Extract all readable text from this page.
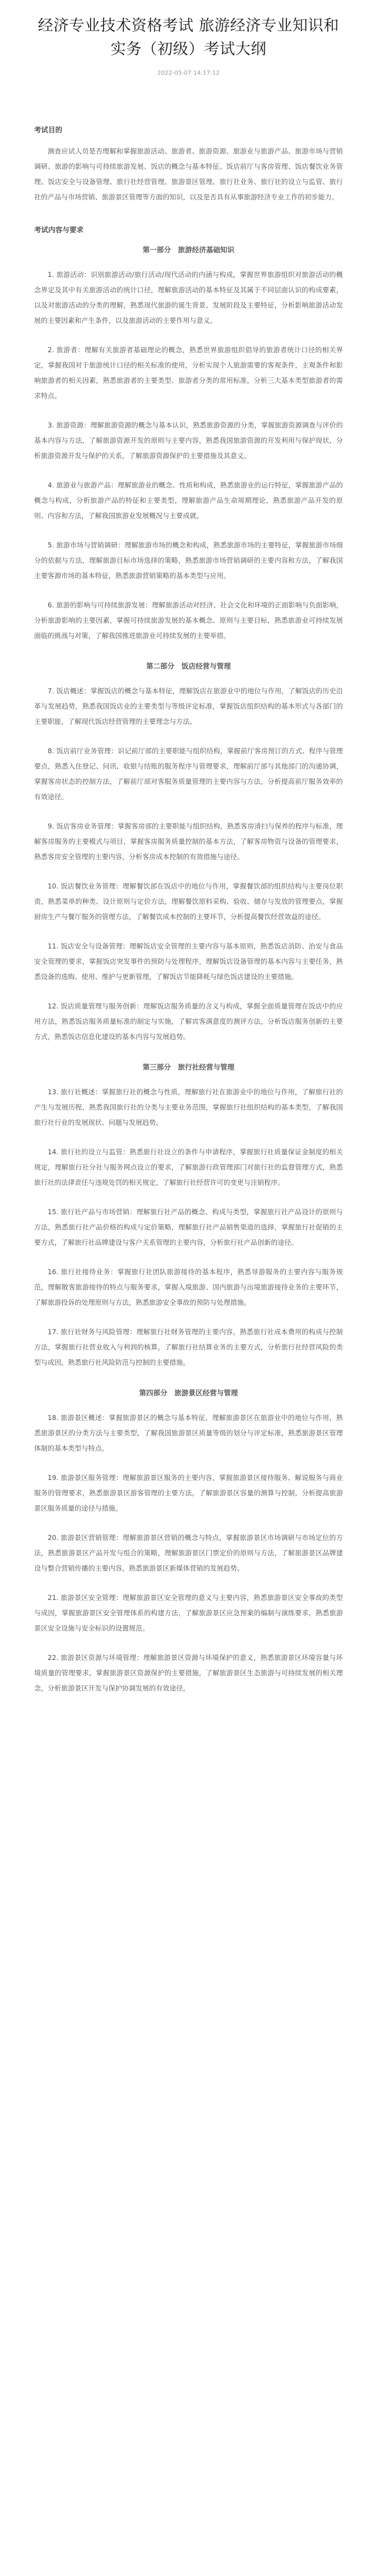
经济专业技术资格考试 旅游经济专业知识和实务（初级）考试大纲
2022-05-07 14:17:12
考试目的

测查应试人员是否理解和掌握旅游活动、旅游者、旅游资源、旅游业与旅游产品、旅游市场与营销调研、旅游的影响与可持续旅游发展、饭店的概念与基本特征、饭店前厅与客房管理、饭店餐饮业务管理、饭店安全与设备管理、旅行社经营管理、旅游景区管理、旅行社业务、旅行社的设立与监管、旅行社的产品与市场营销、旅游景区管理等方面的知识，以及是否具有从事旅游经济专业工作的初步能力。

考试内容与要求
第一部分　旅游经济基础知识

1. 旅游活动：识别旅游活动/旅行活动/现代活动的内涵与构成，掌握世界旅游组织对旅游活动的概念界定及其中有关旅游活动的统计口径，理解旅游活动的基本特征及其属于不同层面认识的构成要素，以及对旅游活动的分类的理解，熟悉现代旅游的诞生背景、发展阶段及主要特征，分析影响旅游活动发展的主要因素和产生条件，以及旅游活动的主要作用与意义。

2. 旅游者：理解有关旅游者基础理论的概念，熟悉世界旅游组织倡导的旅游者统计口径的相关界定，掌握我国对于旅游统计口径的相关标准的使用，分析实现个人旅游需要的客观条件，主观条件和影响旅游者的相关因素，熟悉旅游者的主要类型、旅游者分类的常用标准，分析三大基本类型旅游者的需求特点。

3. 旅游资源：理解旅游资源的概念与基本认识，熟悉旅游资源的分类，掌握旅游资源调查与评价的基本内容与方法，了解旅游资源开发的原则与主要内容，熟悉我国旅游资源的开发利用与保护现状，分析旅游资源开发与保护的关系，了解旅游资源保护的主要措施及其意义。

4. 旅游业与旅游产品：理解旅游业的概念、性质和构成，熟悉旅游业的运行特征，掌握旅游产品的概念与构成，分析旅游产品的特征和主要类型，理解旅游产品生命周期理论，熟悉旅游产品开发的原则、内容和方法，了解我国旅游业发展概况与主要成就。

5. 旅游市场与营销调研：理解旅游市场的概念和构成，熟悉旅游市场的主要特征，掌握旅游市场细分的依据与方法，理解旅游目标市场选择的策略，熟悉旅游市场营销调研的主要内容和方法，了解我国主要客源市场的基本特征，熟悉旅游营销策略的基本类型与应用。

6. 旅游的影响与可持续旅游发展：理解旅游活动对经济、社会文化和环境的正面影响与负面影响，分析旅游影响的主要因素，掌握可持续旅游发展的基本概念、原则与主要目标，熟悉旅游业可持续发展面临的挑战与对策，了解我国推进旅游业可持续发展的主要举措。

第二部分　饭店经营与管理

7. 饭店概述：掌握饭店的概念与基本特征，理解饭店在旅游业中的地位与作用，了解饭店的历史沿革与发展趋势，熟悉我国饭店业的主要类型与等级评定标准，掌握饭店组织结构的基本形式与各部门的主要职能，了解现代饭店经营管理的主要理念与方法。

8. 饭店前厅业务管理：识记前厅部的主要职能与组织结构，掌握前厅客房预订的方式、程序与管理要点，熟悉入住登记、问讯、收银与结账的服务程序与管理要求，理解前厅部与其他部门的沟通协调，掌握客房状态的控制方法，了解前厅部对客服务质量管理的主要内容与方法，分析提高前厅服务效率的有效途径。

9. 饭店客房业务管理：掌握客房部的主要职能与组织结构，熟悉客房清扫与保养的程序与标准，理解客房服务的主要模式与项目，掌握客房服务质量控制的基本方法，了解客房物资与设备的管理要求，熟悉客房安全管理的主要内容，分析客房成本控制的有效措施与途径。

10. 饭店餐饮业务管理：理解餐饮部在饭店中的地位与作用，掌握餐饮部的组织结构与主要岗位职责，熟悉菜单的种类、设计原则与定价方法，理解餐饮原料采购、验收、储存与发放的管理要点，掌握厨房生产与餐厅服务的管理方法，了解餐饮成本控制的主要环节，分析提高餐饮经营效益的途径。

11. 饭店安全与设备管理：理解饭店安全管理的主要内容与基本原则，熟悉饭店消防、治安与食品安全管理的要求，掌握饭店突发事件的预防与处理程序，理解饭店设备管理的基本内容与主要任务，熟悉设备的选购、使用、维护与更新管理，了解饭店节能降耗与绿色饭店建设的主要措施。

12. 饭店质量管理与服务创新：理解饭店服务质量的含义与构成，掌握全面质量管理在饭店中的应用方法，熟悉饭店服务质量标准的制定与实施，了解宾客满意度的测评方法，分析饭店服务创新的主要方式，熟悉饭店信息化建设的基本内容与发展趋势。

第三部分　旅行社经营与管理

13. 旅行社概述：掌握旅行社的概念与性质，理解旅行社在旅游业中的地位与作用，了解旅行社的产生与发展历程，熟悉我国旅行社的分类与主要业务范围，掌握旅行社组织结构的基本类型，了解我国旅行社行业的发展现状、问题与发展趋势。

14. 旅行社的设立与监管：熟悉旅行社设立的条件与申请程序，掌握旅行社质量保证金制度的相关规定，理解旅行社分社与服务网点设立的要求，了解旅游行政管理部门对旅行社的监督管理方式，熟悉旅行社的法律责任与违规处罚的相关规定，了解旅行社经营许可的变更与注销程序。

15. 旅行社产品与市场营销：理解旅行社产品的概念、构成与类型，掌握旅行社产品设计的原则与方法，熟悉旅行社产品价格的构成与定价策略，理解旅行社产品销售渠道的选择，掌握旅行社促销的主要方式，了解旅行社品牌建设与客户关系管理的主要内容，分析旅行社产品创新的途径。

16. 旅行社接待业务：掌握旅行社团队旅游接待的基本程序，熟悉导游服务的主要内容与服务规范，理解散客旅游接待的特点与服务要求，掌握入境旅游、国内旅游与出境旅游接待业务的主要环节，了解旅游投诉的处理原则与方法，熟悉旅游安全事故的预防与处理措施。

17. 旅行社财务与风险管理：理解旅行社财务管理的主要内容，熟悉旅行社成本费用的构成与控制方法，掌握旅行社营业收入与利润的核算，了解旅行社结算业务的主要方式，分析旅行社经营风险的类型与成因，熟悉旅行社风险防范与控制的主要措施。

第四部分　旅游景区经营与管理

18. 旅游景区概述：掌握旅游景区的概念与基本特征，理解旅游景区在旅游业中的地位与作用，熟悉旅游景区的分类方法与主要类型，了解我国旅游景区质量等级的划分与评定标准，熟悉旅游景区管理体制的基本类型与特点。

19. 旅游景区服务管理：理解旅游景区服务的主要内容，掌握旅游景区接待服务、解说服务与商业服务的管理要求，熟悉旅游景区游客管理的主要方法，了解旅游景区容量的测算与控制，分析提高旅游景区服务质量的途径与措施。

20. 旅游景区营销管理：理解旅游景区营销的概念与特点，掌握旅游景区市场调研与市场定位的方法，熟悉旅游景区产品开发与组合的策略，理解旅游景区门票定价的原则与方法，了解旅游景区品牌建设与整合营销传播的主要内容，熟悉旅游景区新媒体营销的发展趋势。

21. 旅游景区安全管理：理解旅游景区安全管理的意义与主要内容，熟悉旅游景区安全事故的类型与成因，掌握旅游景区安全管理体系的构建方法，了解旅游景区应急预案的编制与演练要求，熟悉旅游景区安全设施与安全标识的设置规范。

22. 旅游景区资源与环境管理：理解旅游景区资源与环境保护的意义，熟悉旅游景区环境容量与环境质量的管理要求，掌握旅游景区资源保护的主要措施，了解旅游景区生态旅游与可持续发展的相关理念，分析旅游景区开发与保护协调发展的有效途径。
